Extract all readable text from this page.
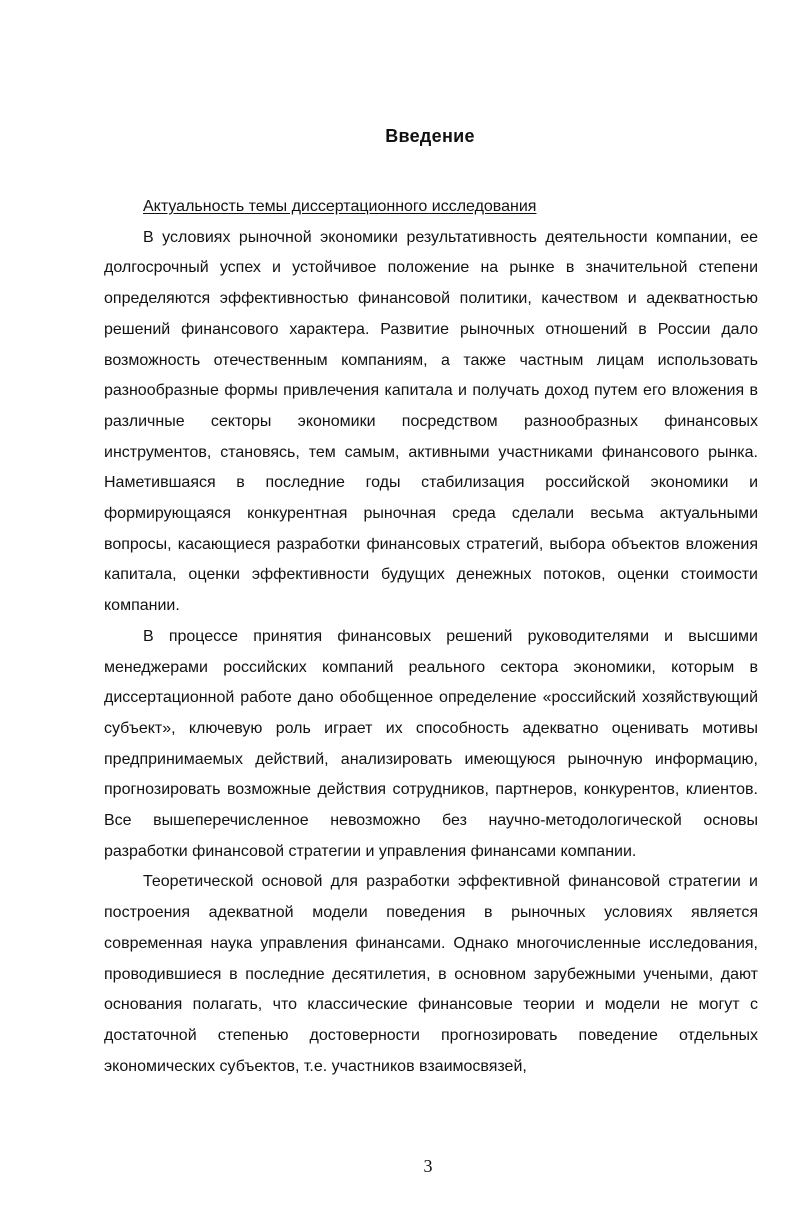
Введение

Актуальность темы диссертационного исследования

В условиях рыночной экономики результативность деятельности компании, ее долгосрочный успех и устойчивое положение на рынке в значительной степени определяются эффективностью финансовой политики, качеством и адекватностью решений финансового характера. Развитие рыночных отношений в России дало возможность отечественным компаниям, а также частным лицам использовать разнообразные формы привлечения капитала и получать доход путем его вложения в различные секторы экономики посредством разнообразных финансовых инструментов, становясь, тем самым, активными участниками финансового рынка. Наметившаяся в последние годы стабилизация российской экономики и формирующаяся конкурентная рыночная среда сделали весьма актуальными вопросы, касающиеся разработки финансовых стратегий, выбора объектов вложения капитала, оценки эффективности будущих денежных потоков, оценки стоимости компании.

В процессе принятия финансовых решений руководителями и высшими менеджерами российских компаний реального сектора экономики, которым в диссертационной работе дано обобщенное определение «российский хозяйствующий субъект», ключевую роль играет их способность адекватно оценивать мотивы предпринимаемых действий, анализировать имеющуюся рыночную информацию, прогнозировать возможные действия сотрудников, партнеров, конкурентов, клиентов. Все вышеперечисленное невозможно без научно-методологической основы разработки финансовой стратегии и управления финансами компании.

Теоретической основой для разработки эффективной финансовой стратегии и построения адекватной модели поведения в рыночных условиях является современная наука управления финансами. Однако многочисленные исследования, проводившиеся в последние десятилетия, в основном зарубежными учеными, дают основания полагать, что классические финансовые теории и модели не могут с достаточной степенью достоверности прогнозировать поведение отдельных экономических субъектов, т.е. участников взаимосвязей,

3
